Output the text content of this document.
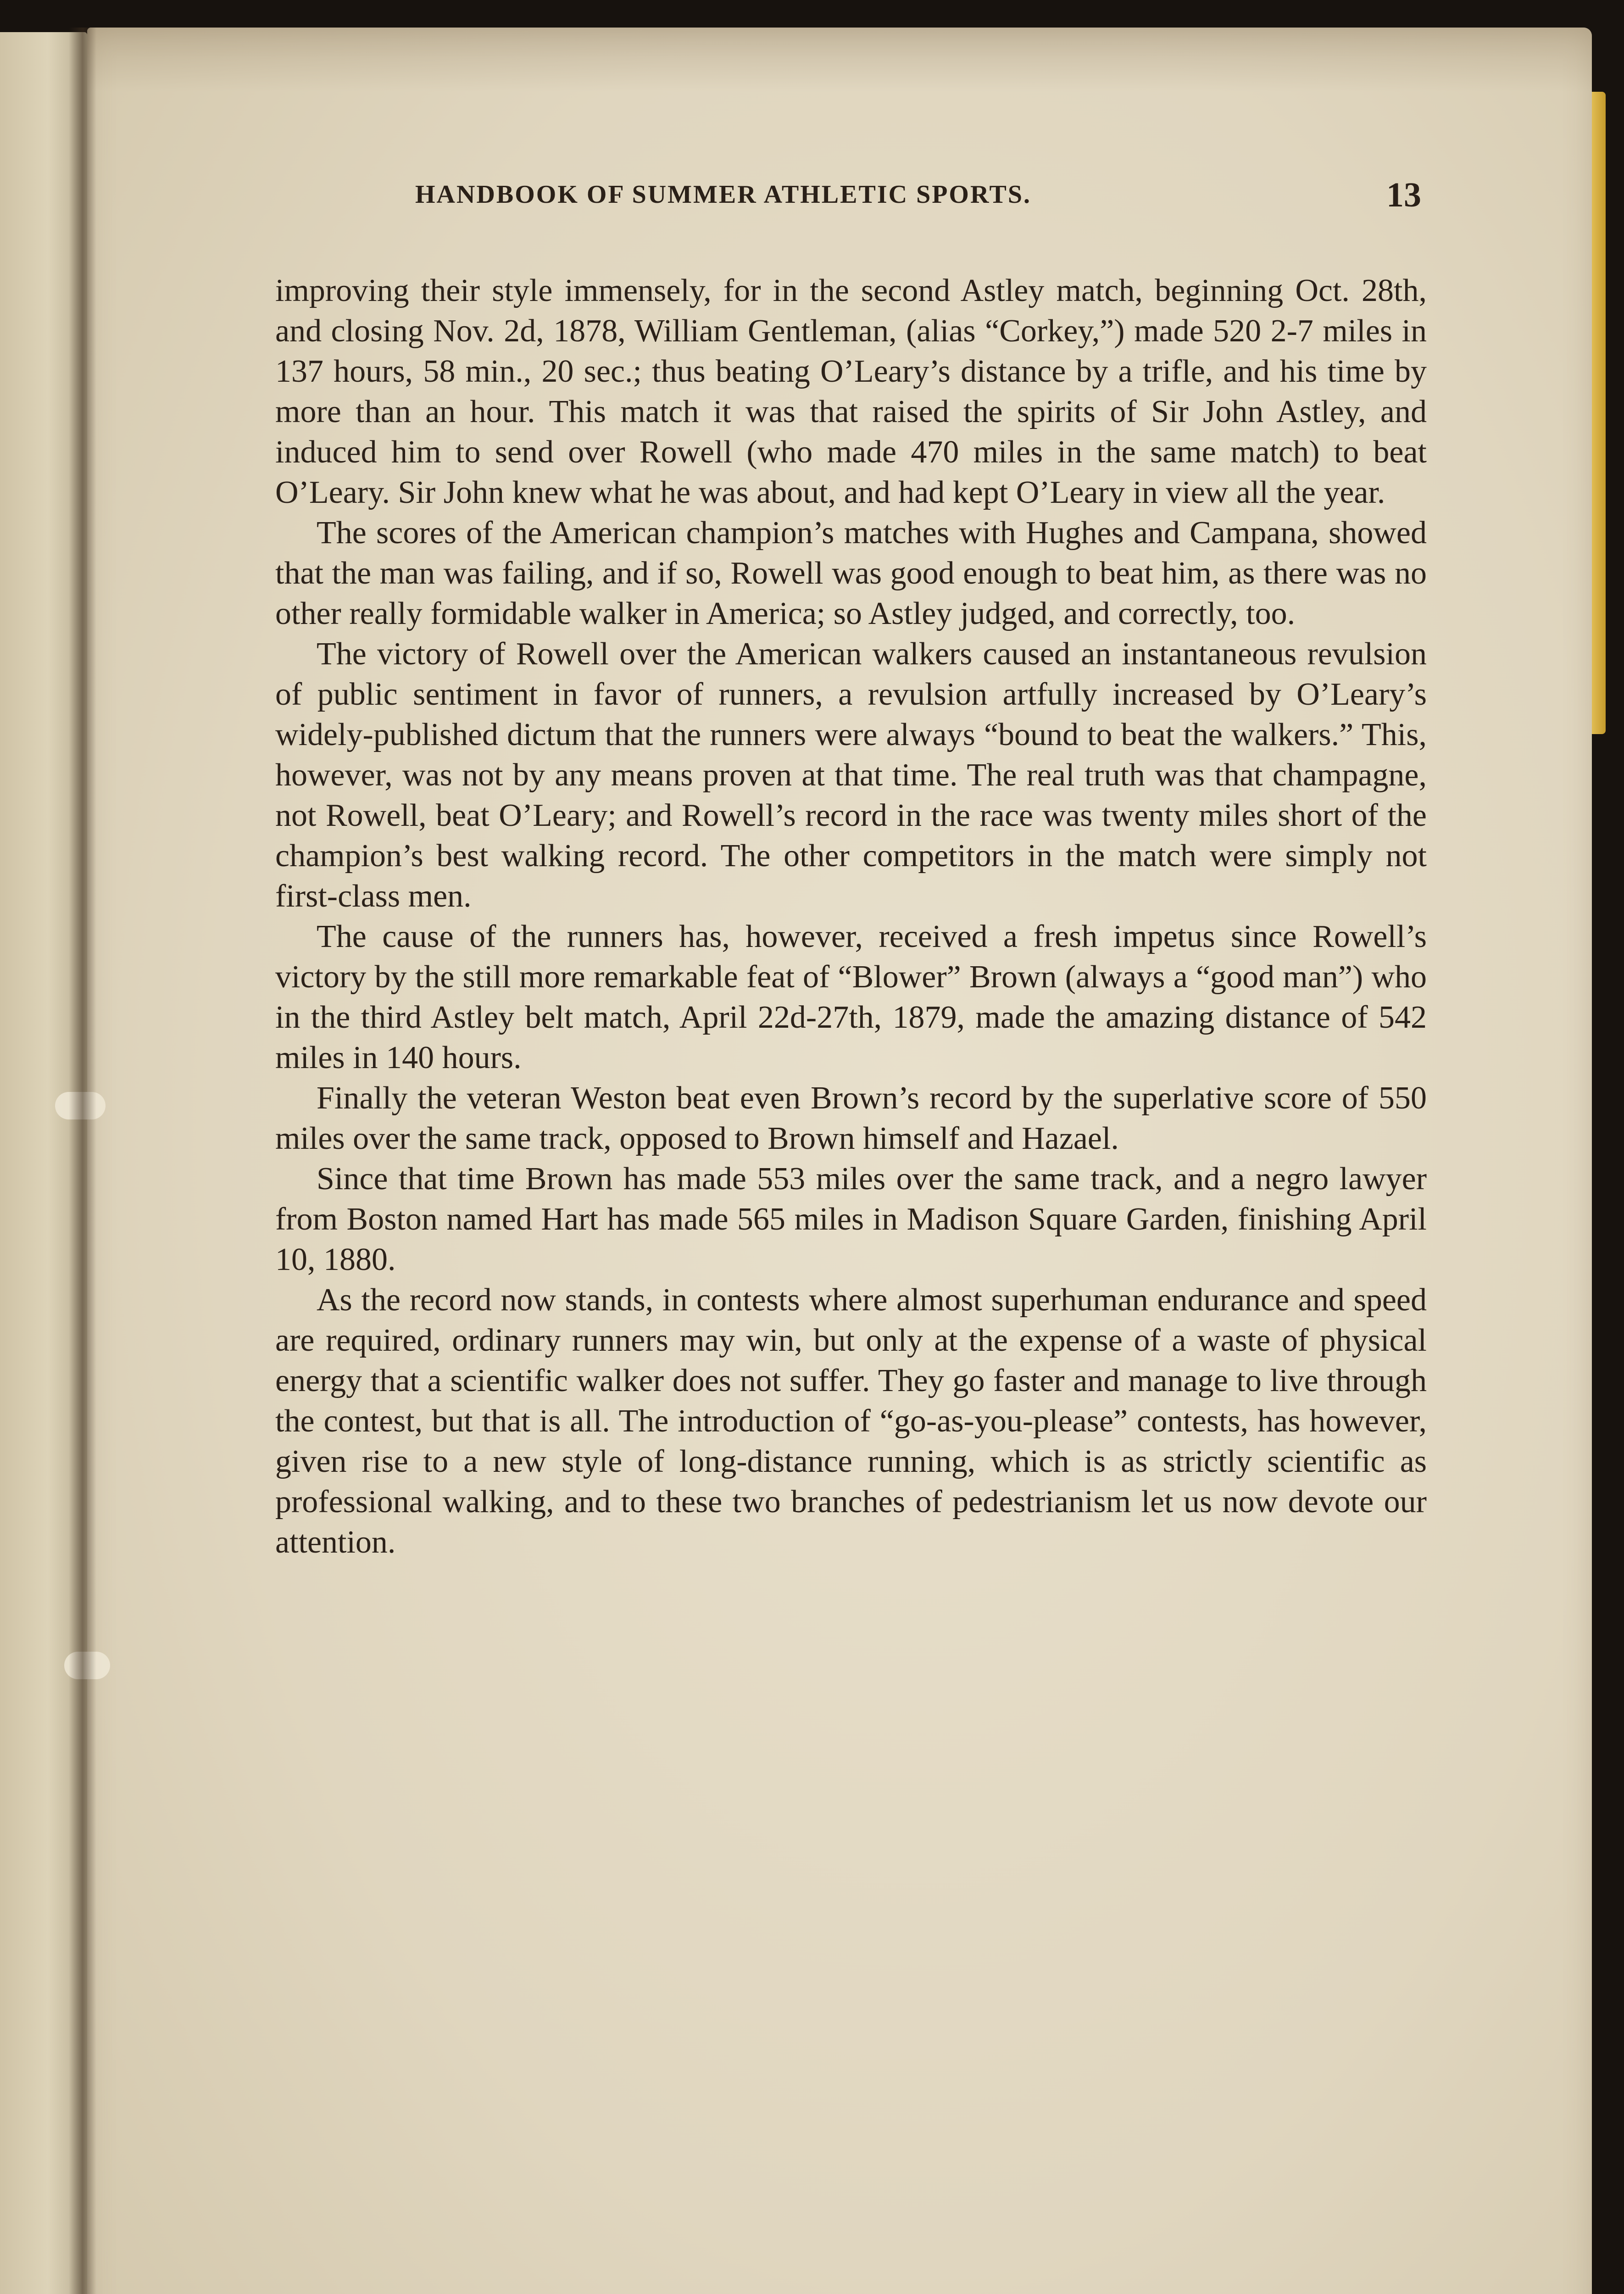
HANDBOOK OF SUMMER ATHLETIC SPORTS.	13

improving their style immensely, for in the second Astley match, beginning Oct. 28th, and closing Nov. 2d, 1878, William Gentleman, (alias “Corkey,”) made 520 2-7 miles in 137 hours, 58 min., 20 sec.; thus beating O’Leary’s distance by a trifle, and his time by more than an hour. This match it was that raised the spirits of Sir John Astley, and induced him to send over Rowell (who made 470 miles in the same match) to beat O’Leary. Sir John knew what he was about, and had kept O’Leary in view all the year.

The scores of the American champion’s matches with Hughes and Campana, showed that the man was failing, and if so, Rowell was good enough to beat him, as there was no other really formidable walker in America; so Astley judged, and correctly, too.

The victory of Rowell over the American walkers caused an instantaneous revulsion of public sentiment in favor of runners, a revulsion artfully increased by O’Leary’s widely-published dictum that the runners were always “bound to beat the walkers.” This, however, was not by any means proven at that time. The real truth was that champagne, not Rowell, beat O’Leary; and Rowell’s record in the race was twenty miles short of the champion’s best walking record. The other competitors in the match were simply not first-class men.

The cause of the runners has, however, received a fresh impetus since Rowell’s victory by the still more remarkable feat of “Blower” Brown (always a “good man”) who in the third Astley belt match, April 22d-27th, 1879, made the amazing distance of 542 miles in 140 hours.

Finally the veteran Weston beat even Brown’s record by the superlative score of 550 miles over the same track, opposed to Brown himself and Hazael.

Since that time Brown has made 553 miles over the same track, and a negro lawyer from Boston named Hart has made 565 miles in Madison Square Garden, finishing April 10, 1880.

As the record now stands, in contests where almost superhuman endurance and speed are required, ordinary runners may win, but only at the expense of a waste of physical energy that a scientific walker does not suffer. They go faster and manage to live through the contest, but that is all. The introduction of “go-as-you-please” contests, has however, given rise to a new style of long-distance running, which is as strictly scientific as professional walking, and to these two branches of pedestrianism let us now devote our attention.
